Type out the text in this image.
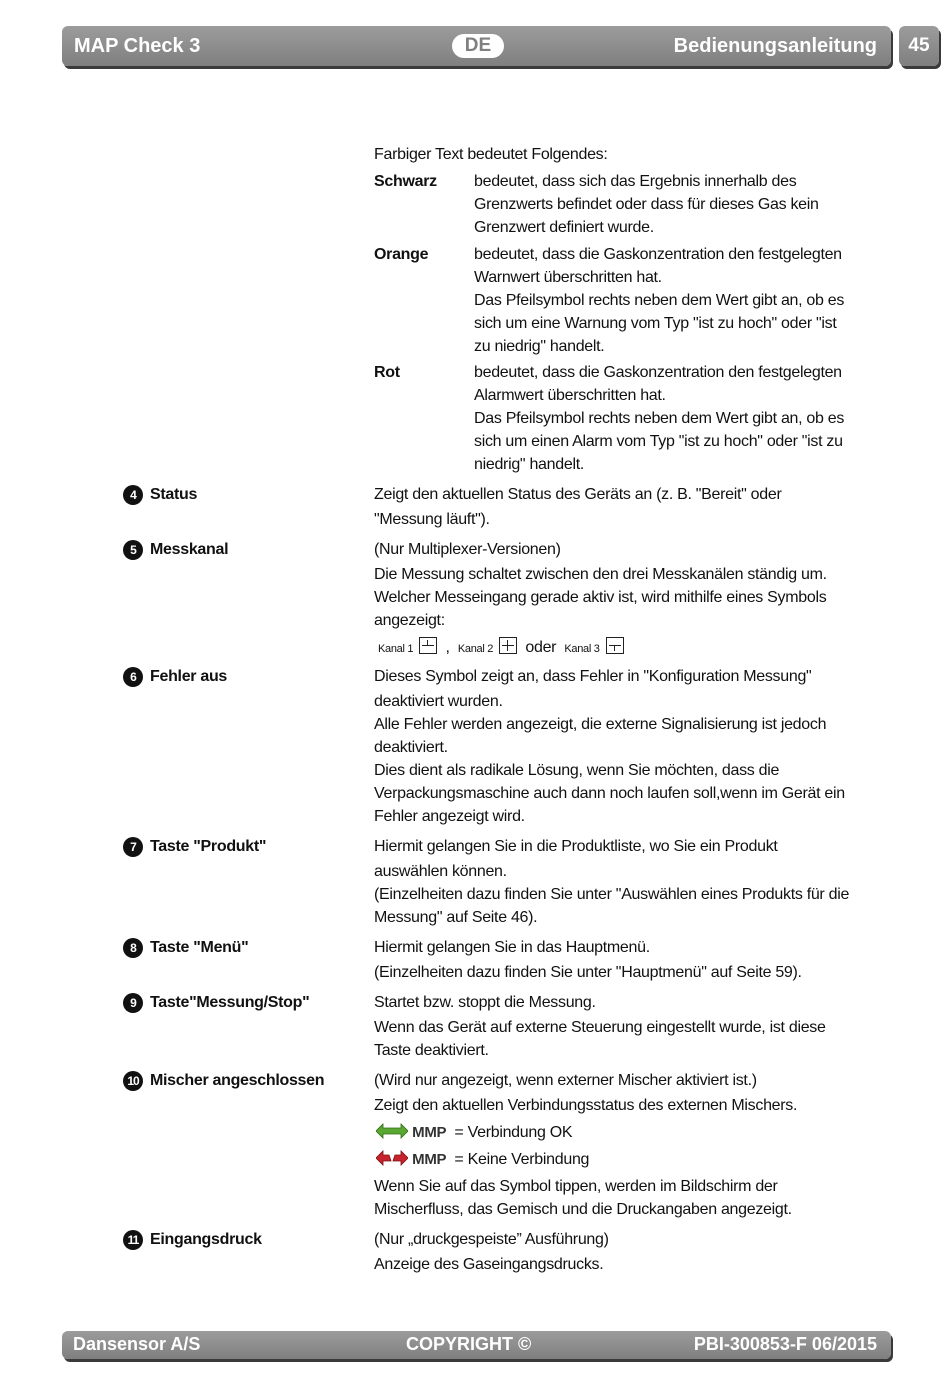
MAP Check 3	DE	Bedienungsanleitung	45
Farbiger Text bedeutet Folgendes:
Schwarz bedeutet, dass sich das Ergebnis innerhalb des
Grenzwerts befindet oder dass für dieses Gas kein
Grenzwert definiert wurde.
Orange	bedeutet, dass die Gaskonzentration den festgelegten
Warnwert überschritten hat.
Das Pfeilsymbol rechts neben dem Wert gibt an, ob es
sich um eine Warnung vom Typ "ist zu hoch" oder "ist
zu niedrig" handelt.
Rot	bedeutet, dass die Gaskonzentration den festgelegten
Alarmwert überschritten hat.
Das Pfeilsymbol rechts neben dem Wert gibt an, ob es
sich um einen Alarm vom Typ "ist zu hoch" oder "ist zu
niedrig" handelt.
4 Status	Zeigt den aktuellen Status des Geräts an (z. B. "Bereit" oder
"Messung läuft").
5 Messkanal	(Nur Multiplexer-Versionen)
Die Messung schaltet zwischen den drei Messkanälen ständig um.
Welcher Messeingang gerade aktiv ist, wird mithilfe eines Symbols
angezeigt:
Kanal 1 , Kanal 2 oder Kanal 3
6 Fehler aus	Dieses Symbol zeigt an, dass Fehler in "Konfiguration Messung"
deaktiviert wurden.
Alle Fehler werden angezeigt, die externe Signalisierung ist jedoch
deaktiviert.
Dies dient als radikale Lösung, wenn Sie möchten, dass die
Verpackungsmaschine auch dann noch laufen soll,wenn im Gerät ein
Fehler angezeigt wird.
7 Taste "Produkt"	Hiermit gelangen Sie in die Produktliste, wo Sie ein Produkt
auswählen können.
(Einzelheiten dazu finden Sie unter "Auswählen eines Produkts für die
Messung" auf Seite 46).
8 Taste "Menü"	Hiermit gelangen Sie in das Hauptmenü.
(Einzelheiten dazu finden Sie unter "Hauptmenü" auf Seite 59).
9 Taste"Messung/Stop"	Startet bzw. stoppt die Messung.
Wenn das Gerät auf externe Steuerung eingestellt wurde, ist diese
Taste deaktiviert.
10 Mischer angeschlossen	(Wird nur angezeigt, wenn externer Mischer aktiviert ist.)
Zeigt den aktuellen Verbindungsstatus des externen Mischers.
MMP = Verbindung OK
MMP = Keine Verbindung
Wenn Sie auf das Symbol tippen, werden im Bildschirm der
Mischerfluss, das Gemisch und die Druckangaben angezeigt.
11 Eingangsdruck	(Nur „druckgespeiste” Ausführung)
Anzeige des Gaseingangsdrucks.
Dansensor A/S	COPYRIGHT ©	PBI-300853-F 06/2015
